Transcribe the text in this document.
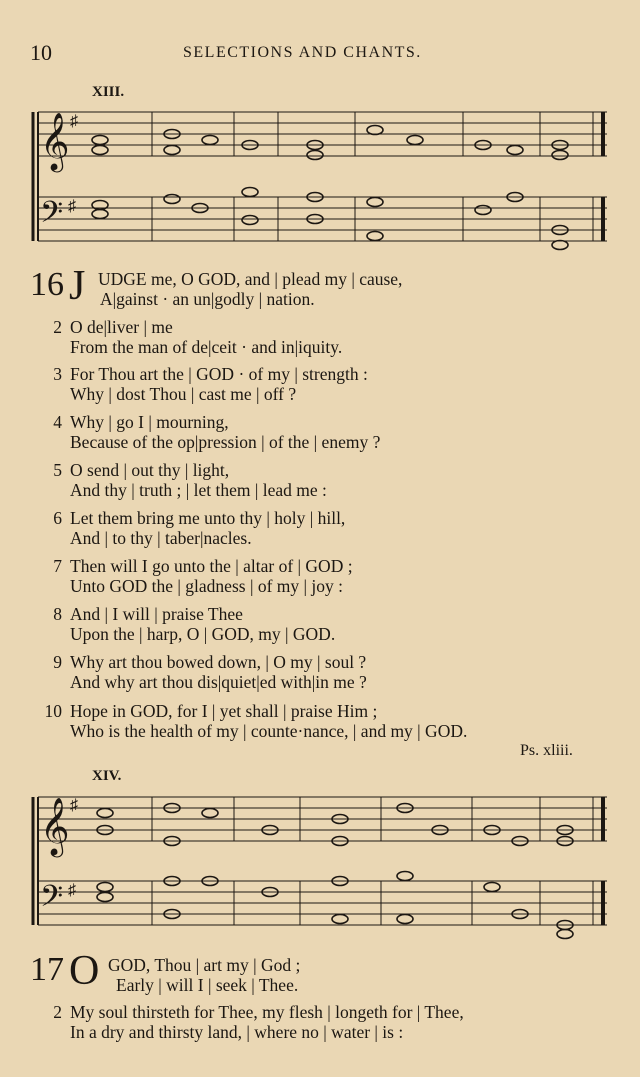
10	SELECTIONS AND CHANTS.
XIII.
𝄞
𝄢
♯
♯
16 J UDGE me, O GOD, and | plead my | cause,
A|gainst · an un|godly | nation.
2 O de|liver | me
From the man of de|ceit · and in|iquity.
3 For Thou art the | GOD · of my | strength :
Why | dost Thou | cast me | off ?
4 Why | go I | mourning,
Because of the op|pression | of the | enemy ?
5 O send | out thy | light,
And thy | truth ; | let them | lead me :
6 Let them bring me unto thy | holy | hill,
And | to thy | taber|nacles.
7 Then will I go unto the | altar of | GOD ;
Unto GOD the | gladness | of my | joy :
8 And | I will | praise Thee
Upon the | harp, O | GOD, my | GOD.
9 Why art thou bowed down, | O my | soul ?
And why art thou dis|quiet|ed with|in me ?
10 Hope in GOD, for I | yet shall | praise Him ;
Who is the health of my | counte·nance, | and my | GOD.
Ps. xliii.
XIV.
𝄞
𝄢
♯
♯
17 O GOD, Thou | art my | God ;
Early | will I | seek | Thee.
2 My soul thirsteth for Thee, my flesh | longeth for | Thee,
In a dry and thirsty land, | where no | water | is :
